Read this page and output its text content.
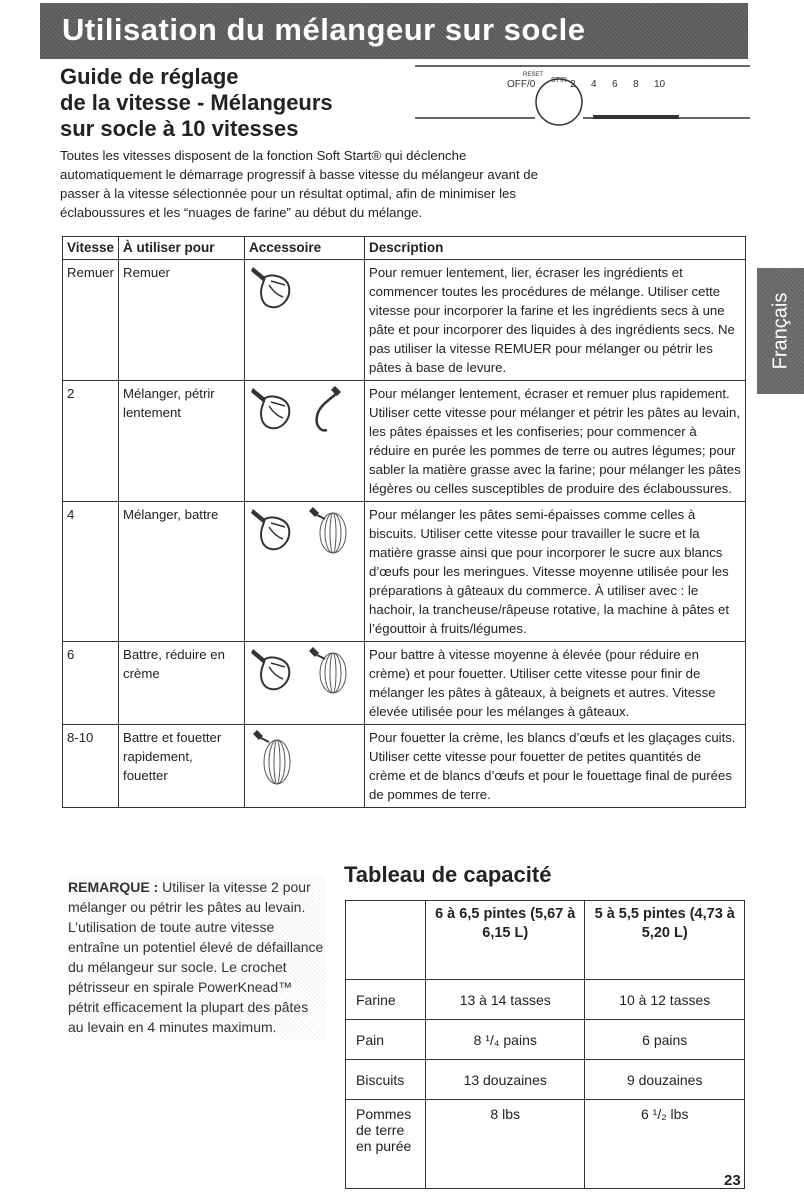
Utilisation du mélangeur sur socle
Français
Guide de réglage
de la vitesse - Mélangeurs
sur socle à 10 vitesses
RESET
OFF/0 STIR 2 4 6 8 10

Toutes les vitesses disposent de la fonction Soft Start® qui déclenche automatiquement le démarrage progressif à basse vitesse du mélangeur avant de passer à la vitesse sélectionnée pour un résultat optimal, afin de minimiser les éclaboussures et les “nuages de farine” au début du mélange.

Vitesse	À utiliser pour	Accessoire	Description
Remuer	Remuer		Pour remuer lentement, lier, écraser les ingrédients et commencer toutes les procédures de mélange. Utiliser cette vitesse pour incorporer la farine et les ingrédients secs à une pâte et pour incorporer des liquides à des ingrédients secs. Ne pas utiliser la vitesse REMUER pour mélanger ou pétrir les pâtes à base de levure.
2	Mélanger, pétrir lentement		Pour mélanger lentement, écraser et remuer plus rapidement. Utiliser cette vitesse pour mélanger et pétrir les pâtes au levain, les pâtes épaisses et les confiseries; pour commencer à réduire en purée les pommes de terre ou autres légumes; pour sabler la matière grasse avec la farine; pour mélanger les pâtes légères ou celles susceptibles de produire des éclaboussures.
4	Mélanger, battre		Pour mélanger les pâtes semi-épaisses comme celles à biscuits. Utiliser cette vitesse pour travailler le sucre et la matière grasse ainsi que pour incorporer le sucre aux blancs d’œufs pour les meringues. Vitesse moyenne utilisée pour les préparations à gâteaux du commerce. À utiliser avec : le hachoir, la trancheuse/râpeuse rotative, la machine à pâtes et l’égouttoir à fruits/légumes.
6	Battre, réduire en crème		Pour battre à vitesse moyenne à élevée (pour réduire en crème) et pour fouetter. Utiliser cette vitesse pour finir de mélanger les pâtes à gâteaux, à beignets et autres. Vitesse élevée utilisée pour les mélanges à gâteaux.
8-10	Battre et fouetter rapidement, fouetter		Pour fouetter la crème, les blancs d’œufs et les glaçages cuits. Utiliser cette vitesse pour fouetter de petites quantités de crème et de blancs d’œufs et pour le fouettage final de purées de pommes de terre.
REMARQUE : Utiliser la vitesse 2 pour mélanger ou pétrir les pâtes au levain. L’utilisation de toute autre vitesse entraîne un potentiel élevé de défaillance du mélangeur sur socle. Le crochet pétrisseur en spirale PowerKnead™ pétrit efficacement la plupart des pâtes au levain en 4 minutes maximum.
Tableau de capacité
	6 à 6,5 pintes (5,67 à 6,15 L)	5 à 5,5 pintes (4,73 à 5,20 L)
Farine	13 à 14 tasses	10 à 12 tasses
Pain	8 ¹/₄ pains	6 pains
Biscuits	13 douzaines	9 douzaines
Pommes de terre en purée	8 lbs	6 ¹/₂ lbs
23
